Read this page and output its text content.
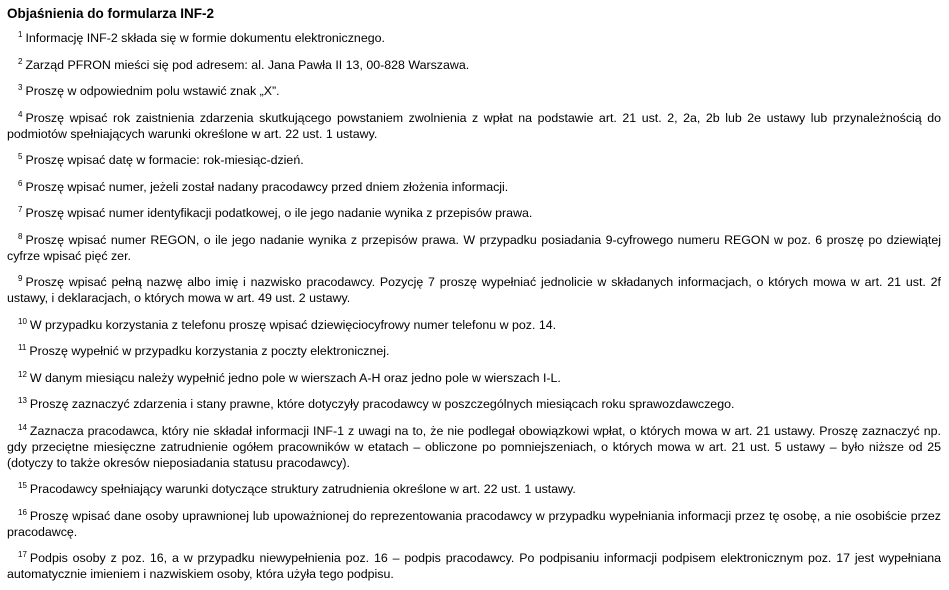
Objaśnienia do formularza INF-2
$^1$ Informację INF-2 składa się w formie dokumentu elektronicznego.
$^2$ Zarząd PFRON mieści się pod adresem: al. Jana Pawła II 13, 00-828 Warszawa.
$^3$ Proszę w odpowiednim polu wstawić znak „X”.
$^4$ Proszę wpisać rok zaistnienia zdarzenia skutkującego powstaniem zwolnienia z wpłat na podstawie art. 21 ust. 2, 2a, 2b lub 2e ustawy lub przynależnością do podmiotów spełniających warunki określone w art. 22 ust. 1 ustawy.
$^5$ Proszę wpisać datę w formacie: rok-miesiąc-dzień.
$^6$ Proszę wpisać numer, jeżeli został nadany pracodawcy przed dniem złożenia informacji.
$^7$ Proszę wpisać numer identyfikacji podatkowej, o ile jego nadanie wynika z przepisów prawa.
$^8$ Proszę wpisać numer REGON, o ile jego nadanie wynika z przepisów prawa. W przypadku posiadania 9-cyfrowego numeru REGON w poz. 6 proszę po dziewiątej cyfrze wpisać pięć zer.
$^9$ Proszę wpisać pełną nazwę albo imię i nazwisko pracodawcy. Pozycję 7 proszę wypełniać jednolicie w składanych informacjach, o których mowa w art. 21 ust. 2f ustawy, i deklaracjach, o których mowa w art. 49 ust. 2 ustawy.
$^{10}$ W przypadku korzystania z telefonu proszę wpisać dziewięciocyfrowy numer telefonu w poz. 14.
$^{11}$ Proszę wypełnić w przypadku korzystania z poczty elektronicznej.
$^{12}$ W danym miesiącu należy wypełnić jedno pole w wierszach A-H oraz jedno pole w wierszach I-L.
$^{13}$ Proszę zaznaczyć zdarzenia i stany prawne, które dotyczyły pracodawcy w poszczególnych miesiącach roku sprawozdawczego.
$^{14}$ Zaznacza pracodawca, który nie składał informacji INF-1 z uwagi na to, że nie podlegał obowiązkowi wpłat, o których mowa w art. 21 ustawy. Proszę zaznaczyć np. gdy przeciętne miesięczne zatrudnienie ogółem pracowników w etatach – obliczone po pomniejszeniach, o których mowa w art. 21 ust. 5 ustawy – było niższe od 25 (dotyczy to także okresów nieposiadania statusu pracodawcy).
$^{15}$ Pracodawcy spełniający warunki dotyczące struktury zatrudnienia określone w art. 22 ust. 1 ustawy.
$^{16}$ Proszę wpisać dane osoby uprawnionej lub upoważnionej do reprezentowania pracodawcy w przypadku wypełniania informacji przez tę osobę, a nie osobiście przez pracodawcę.
$^{17}$ Podpis osoby z poz. 16, a w przypadku niewypełnienia poz. 16 – podpis pracodawcy. Po podpisaniu informacji podpisem elektronicznym poz. 17 jest wypełniana automatycznie imieniem i nazwiskiem osoby, która użyła tego podpisu.
